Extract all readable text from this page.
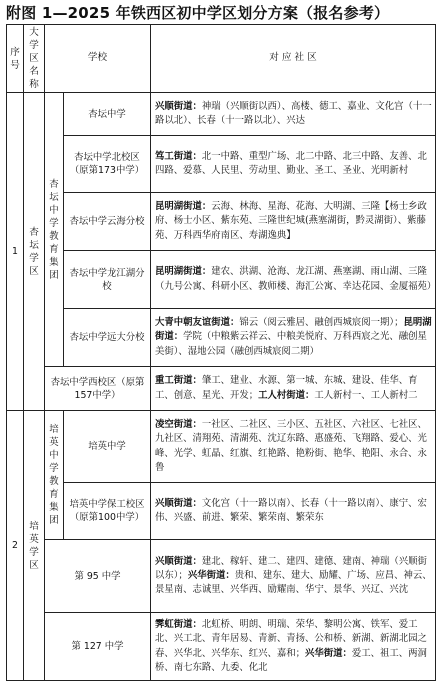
附图 1—2025 年铁西区初中学区划分方案（报名参考）
序号	大学区名称	学校		对 应 社 区

1	杏坛学区	杏坛中学教育集团	杏坛中学	兴顺街道：神瑞（兴顺街以西）、高楼、德工、嘉业、文化宫（十一路以北）、长春（十一路以北）、兴达
			杏坛中学北校区（原第173中学）	笃工街道：北一中路、重型广场、北二中路、北三中路、友善、北四路、爱慕、人民里、劳动里、勤业、圣工、圣业、光明新村
			杏坛中学云海分校	昆明湖街道：云海、林海、星海、花海、大明湖、三隆【杨士乡政府、杨士小区、紫东苑、三隆世纪城(燕塞湖街，黔灵湖街）、紫藤苑、万科西华府南区、寿湖逸典】
			杏坛中学龙江湖分校	昆明湖街道：建农、洪湖、沧海、龙江湖、燕塞湖、雨山湖、三隆（九号公寓、科研小区、教师楼、海汇公寓、幸达花园、金厦福苑）
			杏坛中学远大分校	大青中朝友谊街道：锦云（阅云雅居、融创西城宸阅一期）；昆明湖街道：学院（中粮紫云祥云、中粮美悦府、万科西宸之光、融创星美街）、湿地公园（融创西城宸阅二期）
		杏坛中学西校区（原第157中学）		重工街道：肇工、建业、水源、第一城、东城、建设、佳华、育工、创意、星光、开发；工人村街道：工人新村一、工人新村二

2	培英学区	培英中学教育集团	培英中学	凌空街道：一社区、二社区、三小区、五社区、六社区、七社区、九社区、清翔苑、清湖苑、沈辽东路、惠盛苑、飞翔路、爱心、光峰、光学、虹晶、红旗、红艳路、艳粉街、艳华、艳阳、永合、永鲁
			培英中学保工校区（原第100中学）	兴顺街道：文化宫（十一路以南）、长春（十一路以南）、康宁、宏伟、兴盛、前进、繁荣、繁荣南、繁荣东
		第 95 中学		兴顺街道：建北、稼轩、建二、建四、建德、建南、神瑞（兴顺街以东）；兴华街道：贵和、建东、建大、励耀、广场、应昌、神云、景星南、志诚里、兴华西、励耀南、华宁、景华、兴辽、兴沈
		第 127 中学		霁虹街道：北虹桥、明朗、明瑞、荣华、黎明公寓、铁军、爱工北、兴工北、青年居易、青新、青扬、公和桥、新湖、新湖北园之春、兴华北、兴华东、红兴、嘉和；兴华街道：爱工、祖工、两洞桥、南七东路、九委、化北
